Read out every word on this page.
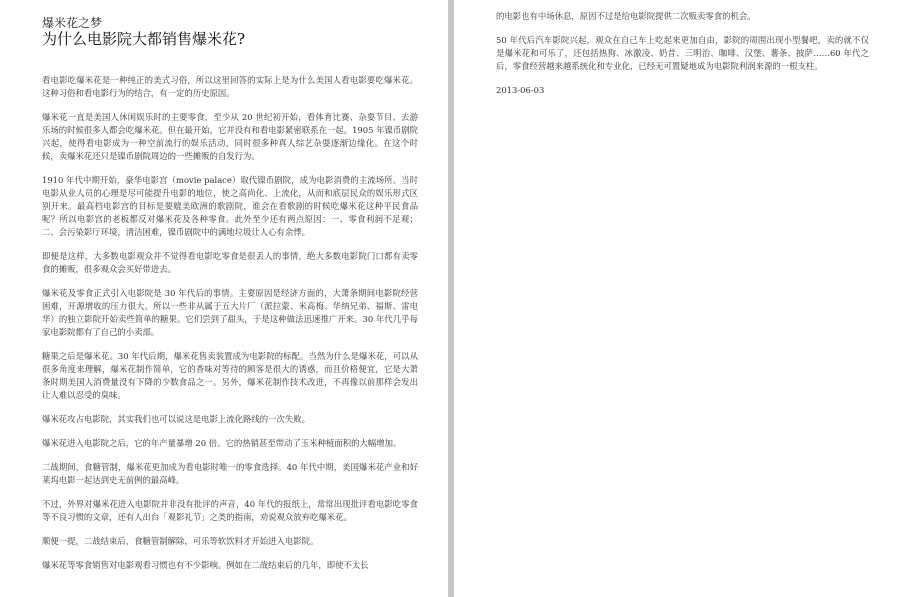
爆米花之梦

为什么电影院大都销售爆米花?

看电影吃爆米花是一种纯正的美式习俗，所以这里回答的实际上是为什么美国人看电影要吃爆米花。这种习俗和看电影行为的结合，有一定的历史原因。

爆米花一直是美国人休闲娱乐时的主要零食，至少从 20 世纪初开始，看体育比赛、杂耍节目、去游乐场的时候很多人都会吃爆米花。但在最开始，它并没有和看电影紧密联系在一起。1905 年镍币剧院兴起，使得看电影成为一种空前流行的娱乐活动，同时很多种真人综艺杂耍逐渐边缘化。在这个时候，卖爆米花还只是镍币剧院周边的一些摊贩的自发行为。

1910 年代中期开始，豪华电影宫（movie palace）取代镍币剧院，成为电影消费的主流场所。当时电影从业人员的心理是尽可能提升电影的地位，使之高尚化、上流化，从而和底层民众的娱乐形式区别开来。最高档电影宫的目标是要媲美欧洲的歌剧院，谁会在看歌剧的时候吃爆米花这种平民食品呢？所以电影宫的老板都反对爆米花及各种零食。此外至少还有两点原因：一、零食利润不足观；二、会污染影厅环境，清洁困难，镍币剧院中的满地垃圾让人心有余悸。

即便是这样，大多数电影观众并不觉得看电影吃零食是很丢人的事情，绝大多数电影院门口都有卖零食的摊贩，很多观众会买好带进去。

爆米花及零食正式引入电影院是 30 年代后的事情。主要原因是经济方面的，大萧条期间电影院经营困难，开源增收的压力很大。所以一些非从属于五大片厂（派拉蒙、米高梅、华纳兄弟、福斯、雷电华）的独立影院开始卖些简单的糖果。它们尝到了甜头，于是这种做法迅速推广开来。30 年代几乎每家电影院都有了自己的小卖部。

糖果之后是爆米花。30 年代后期，爆米花售卖装置成为电影院的标配。当然为什么是爆米花，可以从很多角度来理解，爆米花制作简单，它的香味对等待的顾客是很大的诱惑，而且价格便宜，它是大萧条时期美国人消费量没有下降的少数食品之一。另外，爆米花制作技术改进，不再像以前那样会发出让人难以忍受的臭味。

爆米花攻占电影院，其实我们也可以说这是电影上流化路线的一次失败。

爆米花进入电影院之后，它的年产量暴增 20 倍。它的热销甚至带动了玉米种植面积的大幅增加。

二战期间，食糖管制，爆米花更加成为看电影时唯一的零食选择。40 年代中期，美国爆米花产业和好莱坞电影一起达到史无前例的最高峰。

不过，外界对爆米花进入电影院并非没有批评的声音，40 年代的报纸上，常常出现批评看电影吃零食等不良习惯的文章，还有人出台「观影礼节」之类的指南，劝说观众放弃吃爆米花。

顺便一提，二战结束后，食糖管制解除，可乐等软饮料才开始进入电影院。

爆米花等零食销售对电影观看习惯也有不少影响。例如在二战结束后的几年，即使不太长

的电影也有中场休息，原因不过是给电影院提供二次贩卖零食的机会。

50 年代后汽车影院兴起，观众在自己车上吃起来更加自由，影院的周围出现小型餐吧，卖的就不仅是爆米花和可乐了，还包括热狗、冰激凌、奶昔、三明治、咖啡、汉堡、薯条、披萨……60 年代之后，零食经营越来越系统化和专业化，已经无可置疑地成为电影院利润来源的一根支柱。

2013-06-03
